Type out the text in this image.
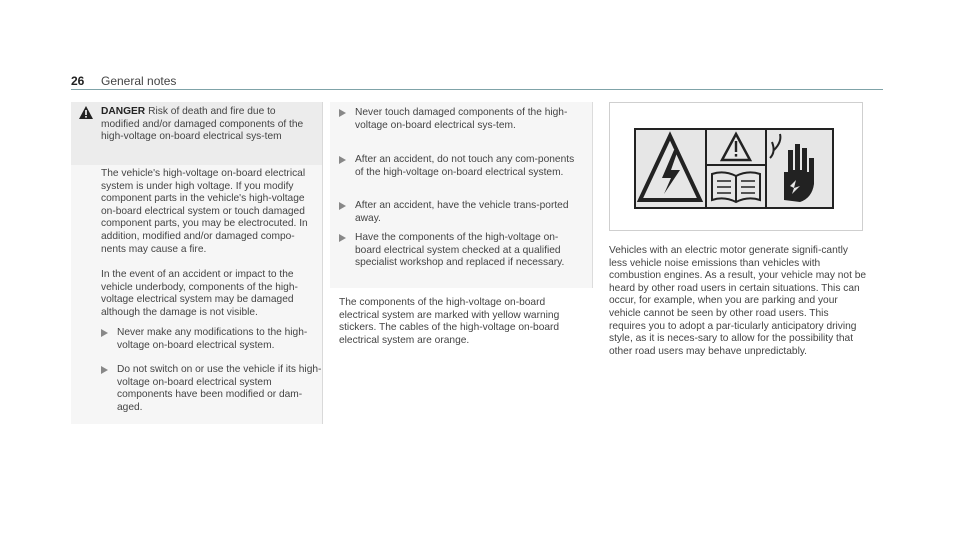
26 General notes

DANGER Risk of death and fire due to modified and/or damaged components of the high-voltage on-board electrical sys-tem

The vehicle's high-voltage on-board electrical system is under high voltage. If you modify component parts in the vehicle's high-voltage on-board electrical system or touch damaged component parts, you may be electrocuted. In addition, modified and/or damaged compo-nents may cause a fire.

In the event of an accident or impact to the vehicle underbody, components of the high-voltage electrical system may be damaged although the damage is not visible.

Never make any modifications to the high-voltage on-board electrical system.

Do not switch on or use the vehicle if its high-voltage on-board electrical system components have been modified or dam-aged.

Never touch damaged components of the high-voltage on-board electrical sys-tem.

After an accident, do not touch any com-ponents of the high-voltage on-board electrical system.

After an accident, have the vehicle trans-ported away.

Have the components of the high-voltage on-board electrical system checked at a qualified specialist workshop and replaced if necessary.

The components of the high-voltage on-board electrical system are marked with yellow warning stickers. The cables of the high-voltage on-board electrical system are orange.

Vehicles with an electric motor generate signifi-cantly less vehicle noise emissions than vehicles with combustion engines. As a result, your vehicle may not be heard by other road users in certain situations. This can occur, for example, when you are parking and your vehicle cannot be seen by other road users. This requires you to adopt a par-ticularly anticipatory driving style, as it is neces-sary to allow for the possibility that other road users may behave unpredictably.
